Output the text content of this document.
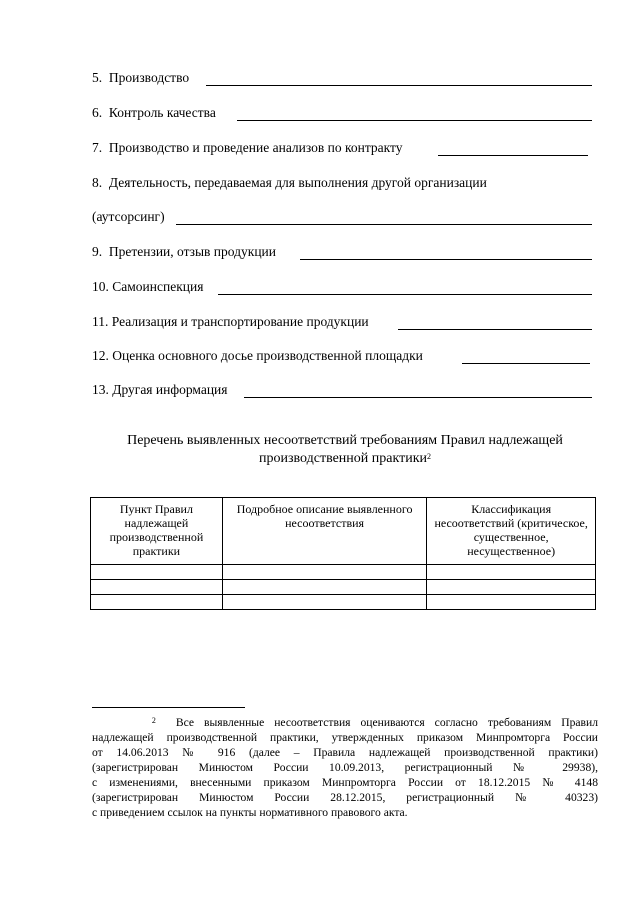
5. Производство
6. Контроль качества
7. Производство и проведение анализов по контракту
8. Деятельность, передаваемая для выполнения другой организации
(аутсорсинг)
9. Претензии, отзыв продукции
10. Самоинспекция
11. Реализация и транспортирование продукции
12. Оценка основного досье производственной площадки
13. Другая информация
Перечень выявленных несоответствий требованиям Правил надлежащей
производственной практики$^2$
Пункт Правил надлежащей производственной практики	Подробное описание выявленного несоответствия	Классификация несоответствий (критическое, существенное, несущественное)

$^2$ Все выявленные несоответствия оцениваются согласно требованиям Правил
надлежащей производственной практики, утвержденных приказом Минпромторга России
от 14.06.2013 № 916 (далее – Правила надлежащей производственной практики)
(зарегистрирован Минюстом России 10.09.2013, регистрационный № 29938),
с изменениями, внесенными приказом Минпромторга России от 18.12.2015 № 4148
(зарегистрирован Минюстом России 28.12.2015, регистрационный № 40323)
с приведением ссылок на пункты нормативного правового акта.
